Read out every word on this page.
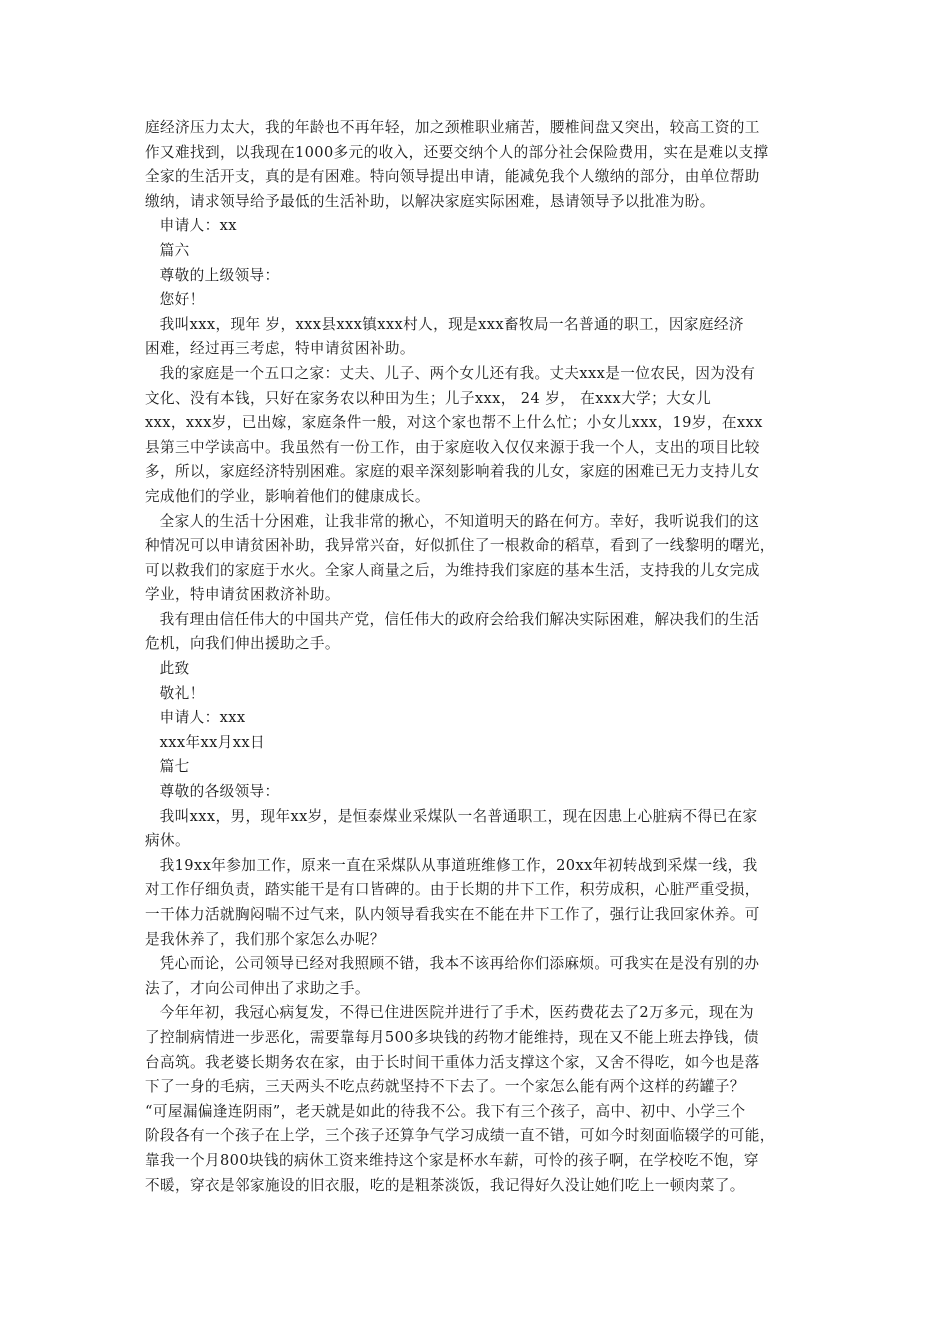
庭经济压力太大，我的年龄也不再年轻，加之颈椎职业痛苦，腰椎间盘又突出，较高工资的工
作又难找到，以我现在1000多元的收入，还要交纳个人的部分社会保险费用，实在是难以支撑
全家的生活开支，真的是有困难。特向领导提出申请，能减免我个人缴纳的部分，由单位帮助
缴纳，请求领导给予最低的生活补助，以解决家庭实际困难，恳请领导予以批准为盼。
申请人：xx
篇六
尊敬的上级领导：
您好！
我叫xxx，现年 岁，xxx县xxx镇xxx村人，现是xxx畜牧局一名普通的职工，因家庭经济
困难，经过再三考虑，特申请贫困补助。
我的家庭是一个五口之家：丈夫、儿子、两个女儿还有我。丈夫xxx是一位农民，因为没有
文化、没有本钱，只好在家务农以种田为生；儿子xxx， 24 岁， 在xxx大学；大女儿
xxx，xxx岁，已出嫁，家庭条件一般，对这个家也帮不上什么忙；小女儿xxx，19岁，在xxx
县第三中学读高中。我虽然有一份工作，由于家庭收入仅仅来源于我一个人，支出的项目比较
多，所以，家庭经济特别困难。家庭的艰辛深刻影响着我的儿女，家庭的困难已无力支持儿女
完成他们的学业，影响着他们的健康成长。
全家人的生活十分困难，让我非常的揪心，不知道明天的路在何方。幸好，我听说我们的这
种情况可以申请贫困补助，我异常兴奋，好似抓住了一根救命的稻草，看到了一线黎明的曙光，
可以救我们的家庭于水火。全家人商量之后，为维持我们家庭的基本生活，支持我的儿女完成
学业，特申请贫困救济补助。
我有理由信任伟大的中国共产党，信任伟大的政府会给我们解决实际困难，解决我们的生活
危机，向我们伸出援助之手。
此致
敬礼！
申请人：xxx
xxx年xx月xx日
篇七
尊敬的各级领导：
我叫xxx，男，现年xx岁，是恒泰煤业采煤队一名普通职工，现在因患上心脏病不得已在家
病休。
我19xx年参加工作，原来一直在采煤队从事道班维修工作，20xx年初转战到采煤一线，我
对工作仔细负责，踏实能干是有口皆碑的。由于长期的井下工作，积劳成积，心脏严重受损，
一干体力活就胸闷喘不过气来，队内领导看我实在不能在井下工作了，强行让我回家休养。可
是我休养了，我们那个家怎么办呢？
凭心而论，公司领导已经对我照顾不错，我本不该再给你们添麻烦。可我实在是没有别的办
法了，才向公司伸出了求助之手。
今年年初，我冠心病复发，不得已住进医院并进行了手术，医药费花去了2万多元，现在为
了控制病情进一步恶化，需要靠每月500多块钱的药物才能维持，现在又不能上班去挣钱，债
台高筑。我老婆长期务农在家，由于长时间干重体力活支撑这个家，又舍不得吃，如今也是落
下了一身的毛病，三天两头不吃点药就坚持不下去了。一个家怎么能有两个这样的药罐子？
“可屋漏偏逢连阴雨”，老天就是如此的待我不公。我下有三个孩子，高中、初中、小学三个
阶段各有一个孩子在上学，三个孩子还算争气学习成绩一直不错，可如今时刻面临辍学的可能，
靠我一个月800块钱的病休工资来维持这个家是杯水车薪，可怜的孩子啊，在学校吃不饱，穿
不暖，穿衣是邻家施设的旧衣服，吃的是粗茶淡饭，我记得好久没让她们吃上一顿肉菜了。
